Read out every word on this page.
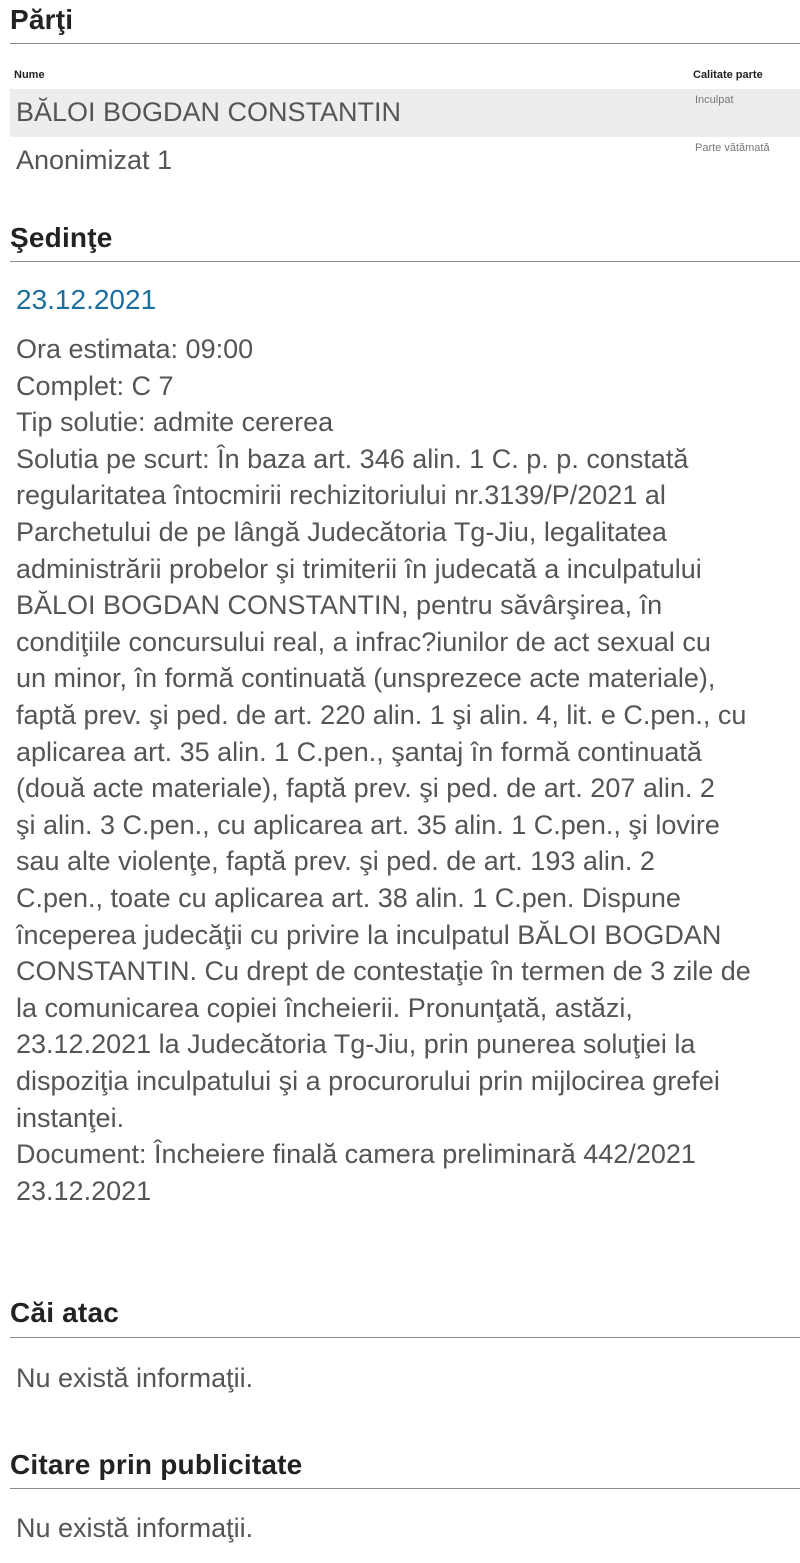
Părţi
Nume	Calitate parte
BĂLOI BOGDAN CONSTANTIN	Inculpat
Anonimizat 1	Parte vătămată
Şedinţe
23.12.2021
Ora estimata: 09:00
Complet: C 7
Tip solutie: admite cererea
Solutia pe scurt: În baza art. 346 alin. 1 C. p. p. constată
regularitatea întocmirii rechizitoriului nr.3139/P/2021 al
Parchetului de pe lângă Judecătoria Tg-Jiu, legalitatea
administrării probelor şi trimiterii în judecată a inculpatului
BĂLOI BOGDAN CONSTANTIN, pentru săvârşirea, în
condiţiile concursului real, a infrac?iunilor de act sexual cu
un minor, în formă continuată (unsprezece acte materiale),
faptă prev. şi ped. de art. 220 alin. 1 şi alin. 4, lit. e C.pen., cu
aplicarea art. 35 alin. 1 C.pen., şantaj în formă continuată
(două acte materiale), faptă prev. şi ped. de art. 207 alin. 2
şi alin. 3 C.pen., cu aplicarea art. 35 alin. 1 C.pen., şi lovire
sau alte violenţe, faptă prev. şi ped. de art. 193 alin. 2
C.pen., toate cu aplicarea art. 38 alin. 1 C.pen. Dispune
începerea judecăţii cu privire la inculpatul BĂLOI BOGDAN
CONSTANTIN. Cu drept de contestaţie în termen de 3 zile de
la comunicarea copiei încheierii. Pronunţată, astăzi,
23.12.2021 la Judecătoria Tg-Jiu, prin punerea soluţiei la
dispoziţia inculpatului şi a procurorului prin mijlocirea grefei
instanţei.
Document: Încheiere finală camera preliminară 442/2021
23.12.2021
Căi atac
Nu există informaţii.
Citare prin publicitate
Nu există informaţii.
